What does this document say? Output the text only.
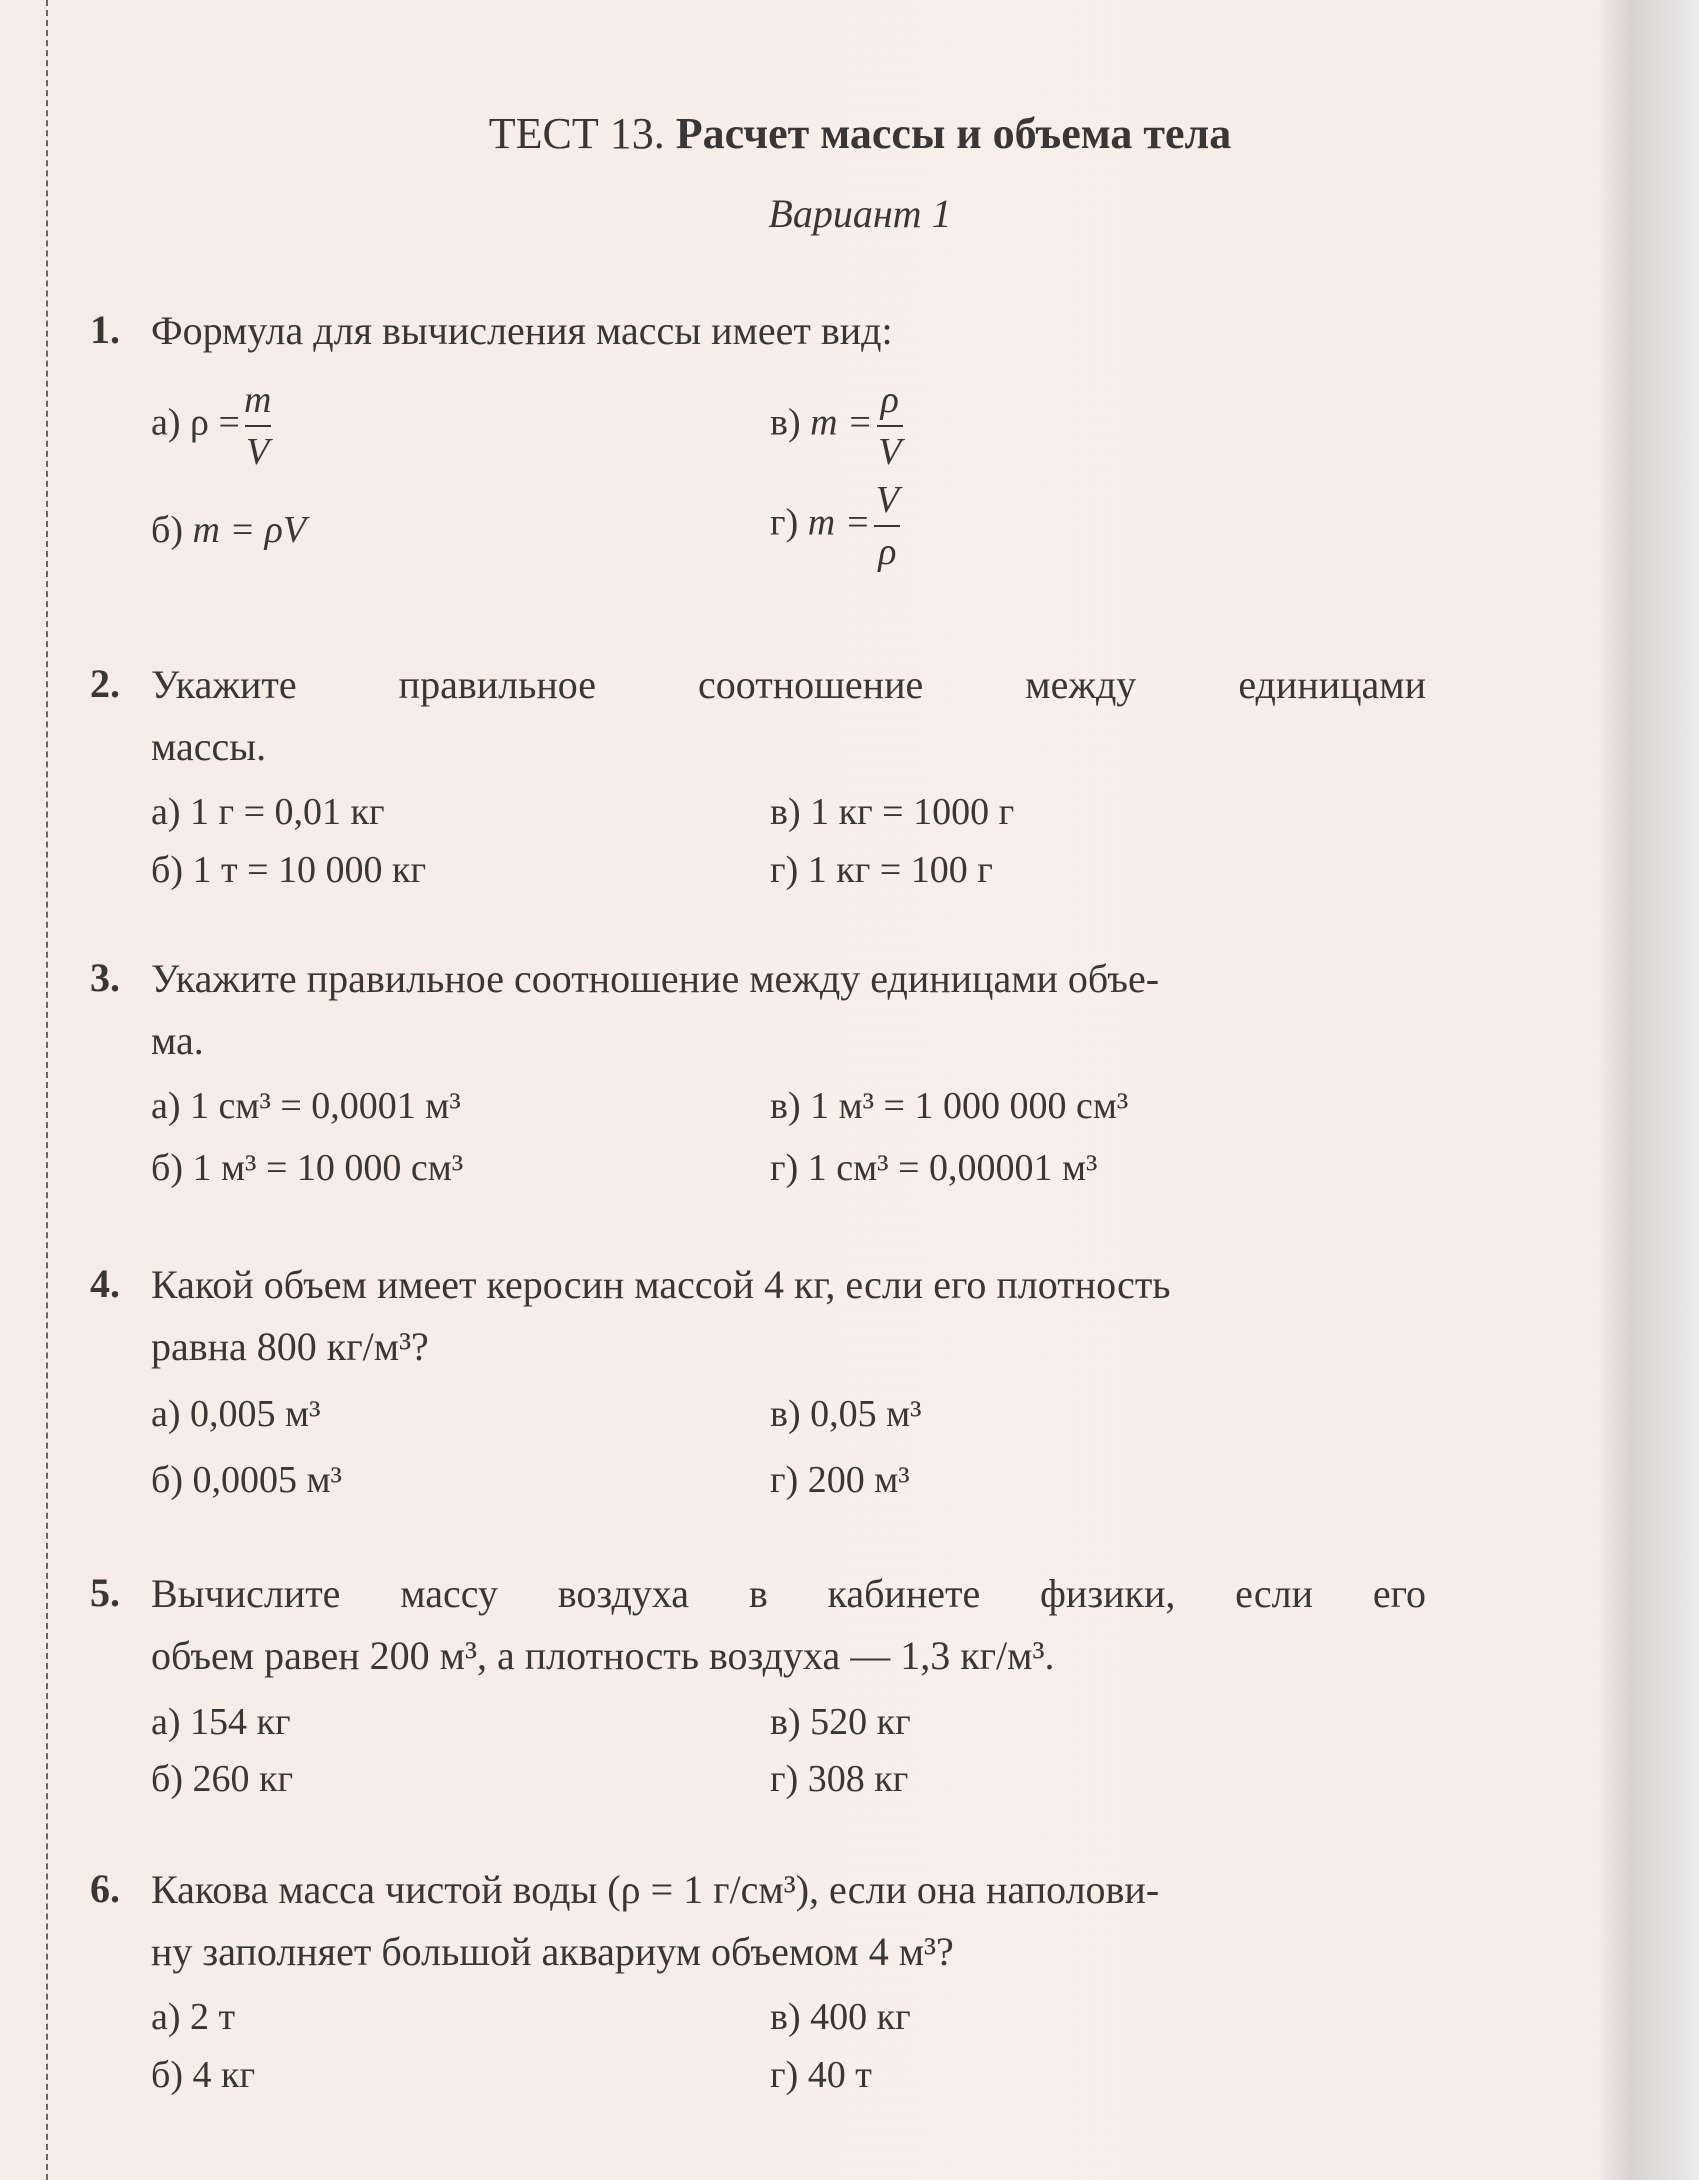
ТЕСТ 13. Расчет массы и объема тела
Вариант 1
1. Формула для вычисления массы имеет вид:
а) $\rho = \frac{m}{V}$
б) m = ρV
в) $m = \frac{\rho}{V}$
г) $m = \frac{V}{\rho}$
2. Укажите правильное соотношение между единицами
массы.
а) 1 г = 0,01 кг
б) 1 т = 10 000 кг
в) 1 кг = 1000 г
г) 1 кг = 100 г
3. Укажите правильное соотношение между единицами объе-
ма.
а) 1 см³ = 0,0001 м³
б) 1 м³ = 10 000 см³
в) 1 м³ = 1 000 000 см³
г) 1 см³ = 0,00001 м³
4. Какой объем имеет керосин массой 4 кг, если его плотность
равна 800 кг/м³?
а) 0,005 м³
б) 0,0005 м³
в) 0,05 м³
г) 200 м³
5. Вычислите массу воздуха в кабинете физики, если его
объем равен 200 м³, а плотность воздуха — 1,3 кг/м³.
а) 154 кг
б) 260 кг
в) 520 кг
г) 308 кг
6. Какова масса чистой воды (ρ = 1 г/см³), если она наполови-
ну заполняет большой аквариум объемом 4 м³?
а) 2 т
б) 4 кг
в) 400 кг
г) 40 т
